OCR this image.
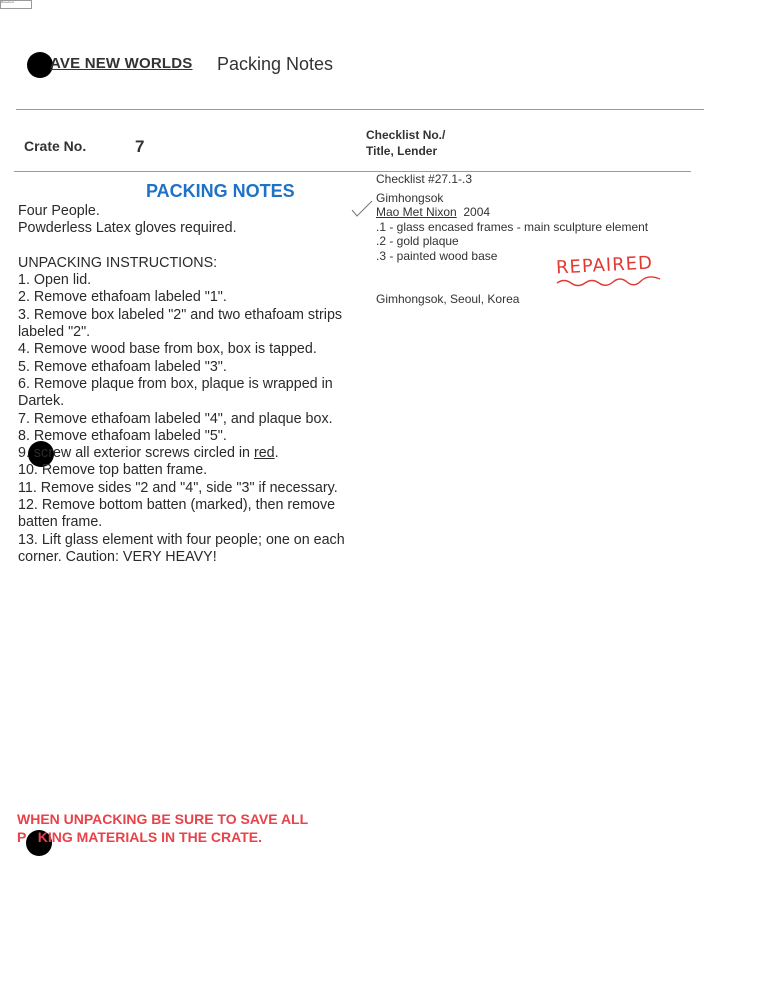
Received
AVE NEW WORLDS Packing Notes
Crate No.	7
Checklist No./
Title, Lender
PACKING NOTES
Four People.
Powderless Latex gloves required.
UNPACKING INSTRUCTIONS:
1. Open lid.
2. Remove ethafoam labeled "1".
3. Remove box labeled "2" and two ethafoam strips
labeled "2".
4. Remove wood base from box, box is tapped.
5. Remove ethafoam labeled "3".
6. Remove plaque from box, plaque is wrapped in
Dartek.
7. Remove ethafoam labeled "4", and plaque box.
8. Remove ethafoam labeled "5".
9. screw all exterior screws circled in red.
10. Remove top batten frame.
11. Remove sides "2 and "4", side "3" if necessary.
12. Remove bottom batten (marked), then remove
batten frame.
13. Lift glass element with four people; one on each
corner. Caution: VERY HEAVY!
Checklist #27.1-.3
Gimhongsok
Mao Met Nixon 2004
.1 - glass encased frames - main sculpture element
.2 - gold plaque
.3 - painted wood base
Gimhongsok, Seoul, Korea
REPAIRED
WHEN UNPACKING BE SURE TO SAVE ALL
P   KING MATERIALS IN THE CRATE.
